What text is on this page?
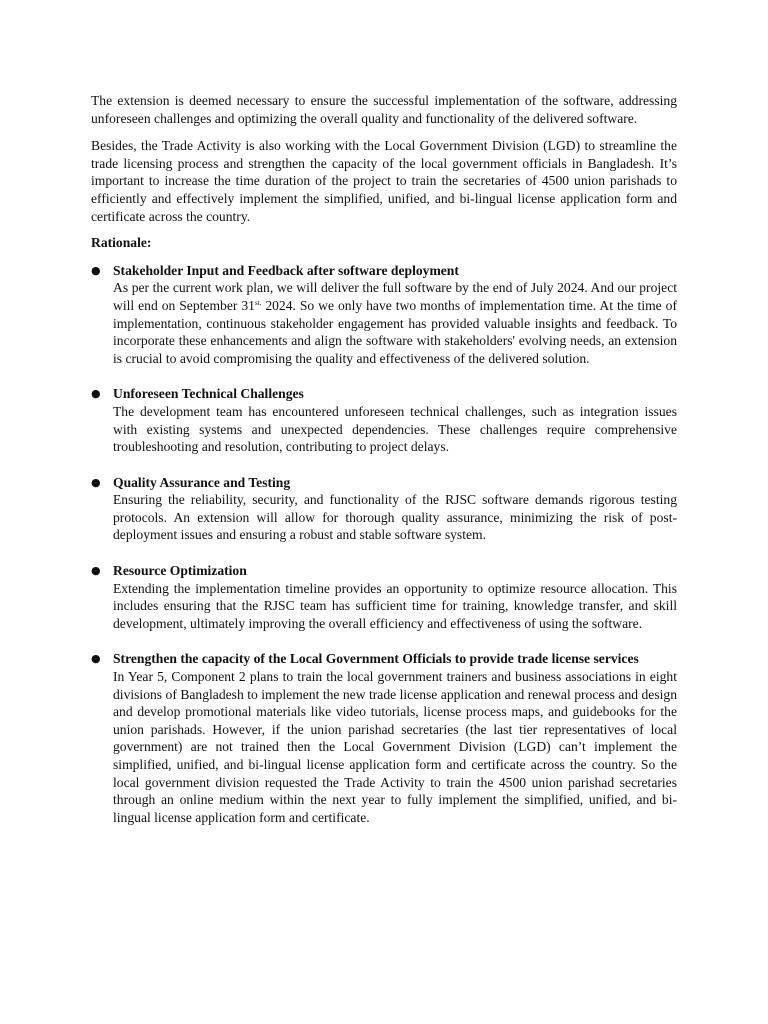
The extension is deemed necessary to ensure the successful implementation of the software, addressing unforeseen challenges and optimizing the overall quality and functionality of the delivered software.

Besides, the Trade Activity is also working with the Local Government Division (LGD) to streamline the trade licensing process and strengthen the capacity of the local government officials in Bangladesh. It’s important to increase the time duration of the project to train the secretaries of 4500 union parishads to efficiently and effectively implement the simplified, unified, and bi-lingual license application form and certificate across the country.

Rationale:

● Stakeholder Input and Feedback after software deployment
As per the current work plan, we will deliver the full software by the end of July 2024. And our project will end on September $31^{st,}$ 2024. So we only have two months of implementation time. At the time of implementation, continuous stakeholder engagement has provided valuable insights and feedback. To incorporate these enhancements and align the software with stakeholders' evolving needs, an extension is crucial to avoid compromising the quality and effectiveness of the delivered solution.
● Unforeseen Technical Challenges
The development team has encountered unforeseen technical challenges, such as integration issues with existing systems and unexpected dependencies. These challenges require comprehensive troubleshooting and resolution, contributing to project delays.
● Quality Assurance and Testing
Ensuring the reliability, security, and functionality of the RJSC software demands rigorous testing protocols. An extension will allow for thorough quality assurance, minimizing the risk of post-deployment issues and ensuring a robust and stable software system.
● Resource Optimization
Extending the implementation timeline provides an opportunity to optimize resource allocation. This includes ensuring that the RJSC team has sufficient time for training, knowledge transfer, and skill development, ultimately improving the overall efficiency and effectiveness of using the software.
● Strengthen the capacity of the Local Government Officials to provide trade license services
In Year 5, Component 2 plans to train the local government trainers and business associations in eight divisions of Bangladesh to implement the new trade license application and renewal process and design and develop promotional materials like video tutorials, license process maps, and guidebooks for the union parishads. However, if the union parishad secretaries (the last tier representatives of local government) are not trained then the Local Government Division (LGD) can’t implement the simplified, unified, and bi-lingual license application form and certificate across the country. So the local government division requested the Trade Activity to train the 4500 union parishad secretaries through an online medium within the next year to fully implement the simplified, unified, and bi-lingual license application form and certificate.
